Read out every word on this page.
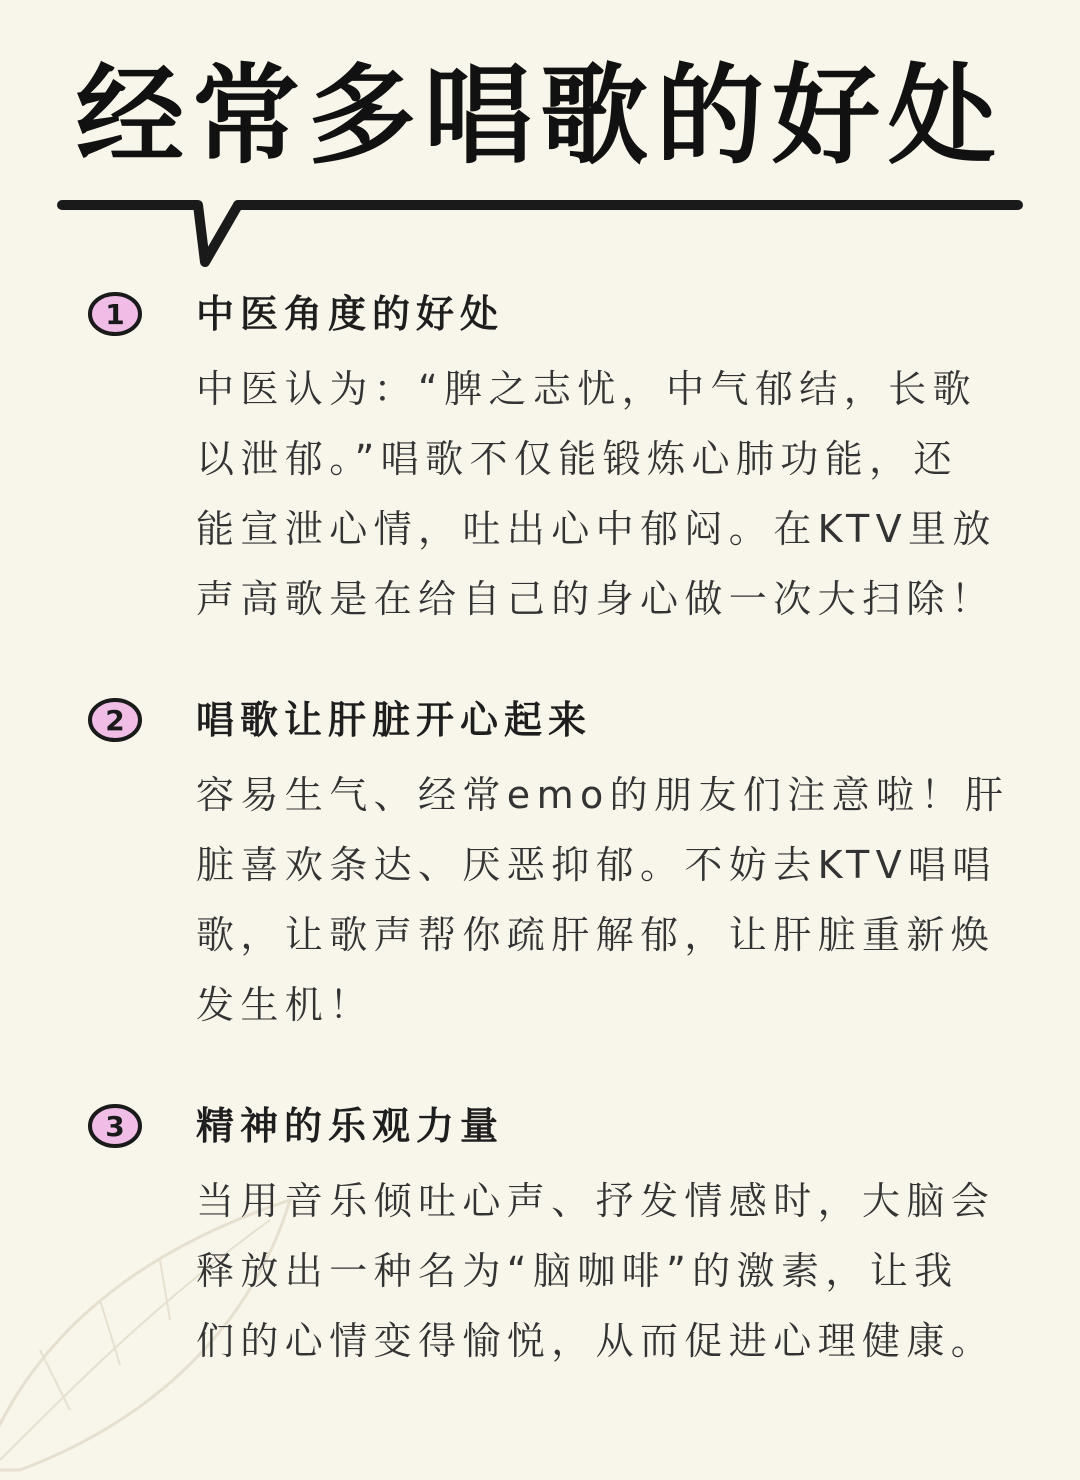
经常多唱歌的好处
1 中医角度的好处

中医认为：“脾之志忧，中气郁结，长歌

以泄郁。”唱歌不仅能锻炼心肺功能，还

能宣泄心情，吐出心中郁闷。在KTV里放

声高歌是在给自己的身心做一次大扫除！

2 唱歌让肝脏开心起来

容易生气、经常emo的朋友们注意啦！肝

脏喜欢条达、厌恶抑郁。不妨去KTV唱唱

歌，让歌声帮你疏肝解郁，让肝脏重新焕

发生机！

3 精神的乐观力量

当用音乐倾吐心声、抒发情感时，大脑会

释放出一种名为“脑咖啡”的激素，让我

们的心情变得愉悦，从而促进心理健康。
